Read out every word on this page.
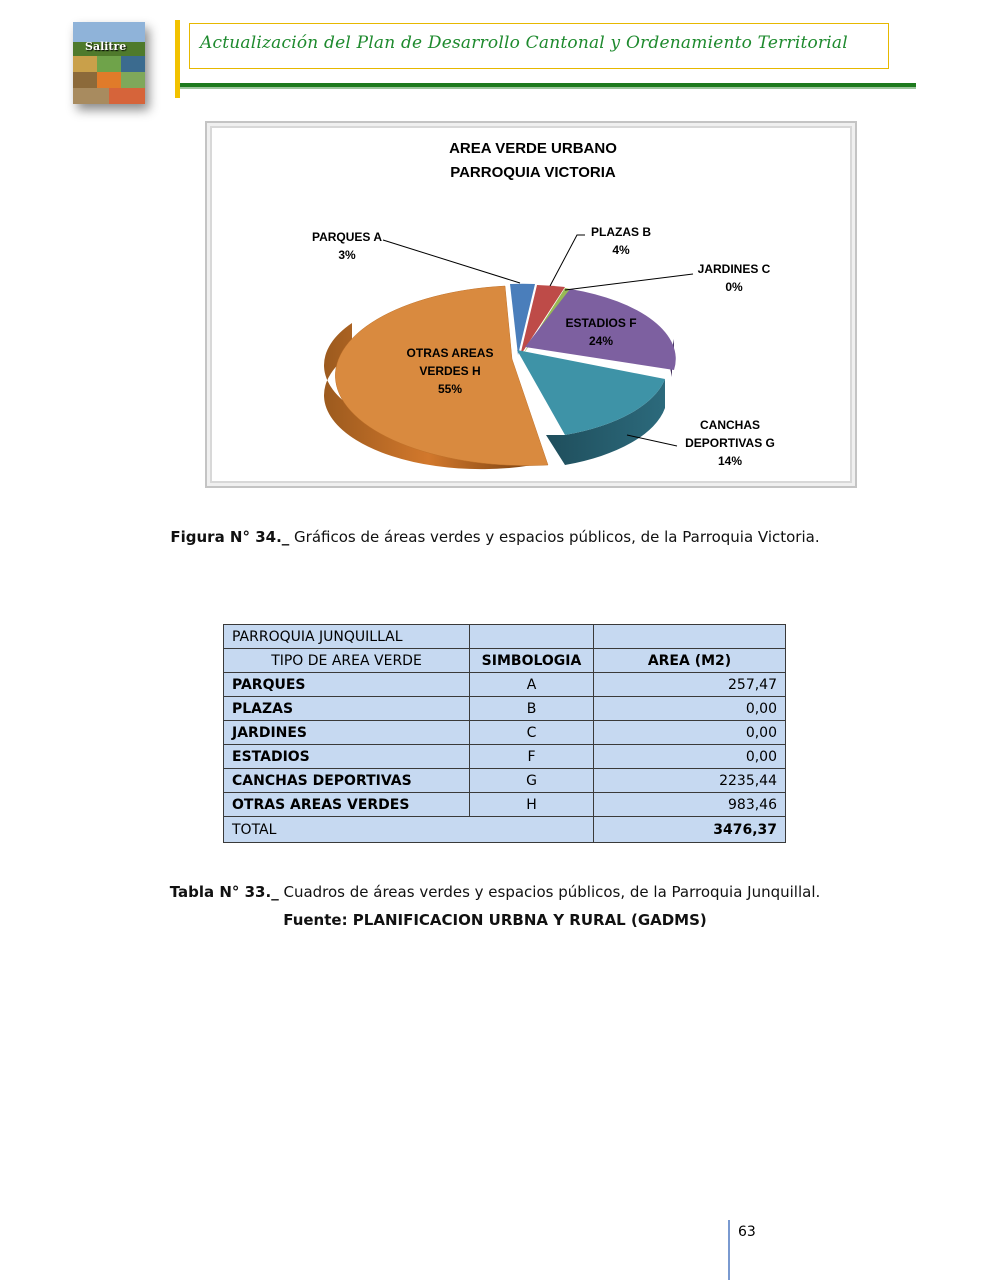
Salitre	Actualización del Plan de Desarrollo Cantonal y Ordenamiento Territorial
AREA VERDE URBANO
PARROQUIA VICTORIA
PARQUES A
3%
PLAZAS B
4%
JARDINES C
0%
ESTADIOS F
24%
CANCHAS
DEPORTIVAS G
14%
OTRAS AREAS
VERDES H
55%
Figura N° 34._ Gráficos de áreas verdes y espacios públicos, de la Parroquia Victoria.
PARROQUIA JUNQUILLAL		
TIPO DE AREA VERDE	SIMBOLOGIA	AREA (M2)
PARQUES	A	257,47
PLAZAS	B	0,00
JARDINES	C	0,00
ESTADIOS	F	0,00
CANCHAS DEPORTIVAS	G	2235,44
OTRAS AREAS VERDES	H	983,46
TOTAL		3476,37
Tabla N° 33._ Cuadros de áreas verdes y espacios públicos, de la Parroquia Junquillal.
Fuente: PLANIFICACION URBNA Y RURAL (GADMS)
63
